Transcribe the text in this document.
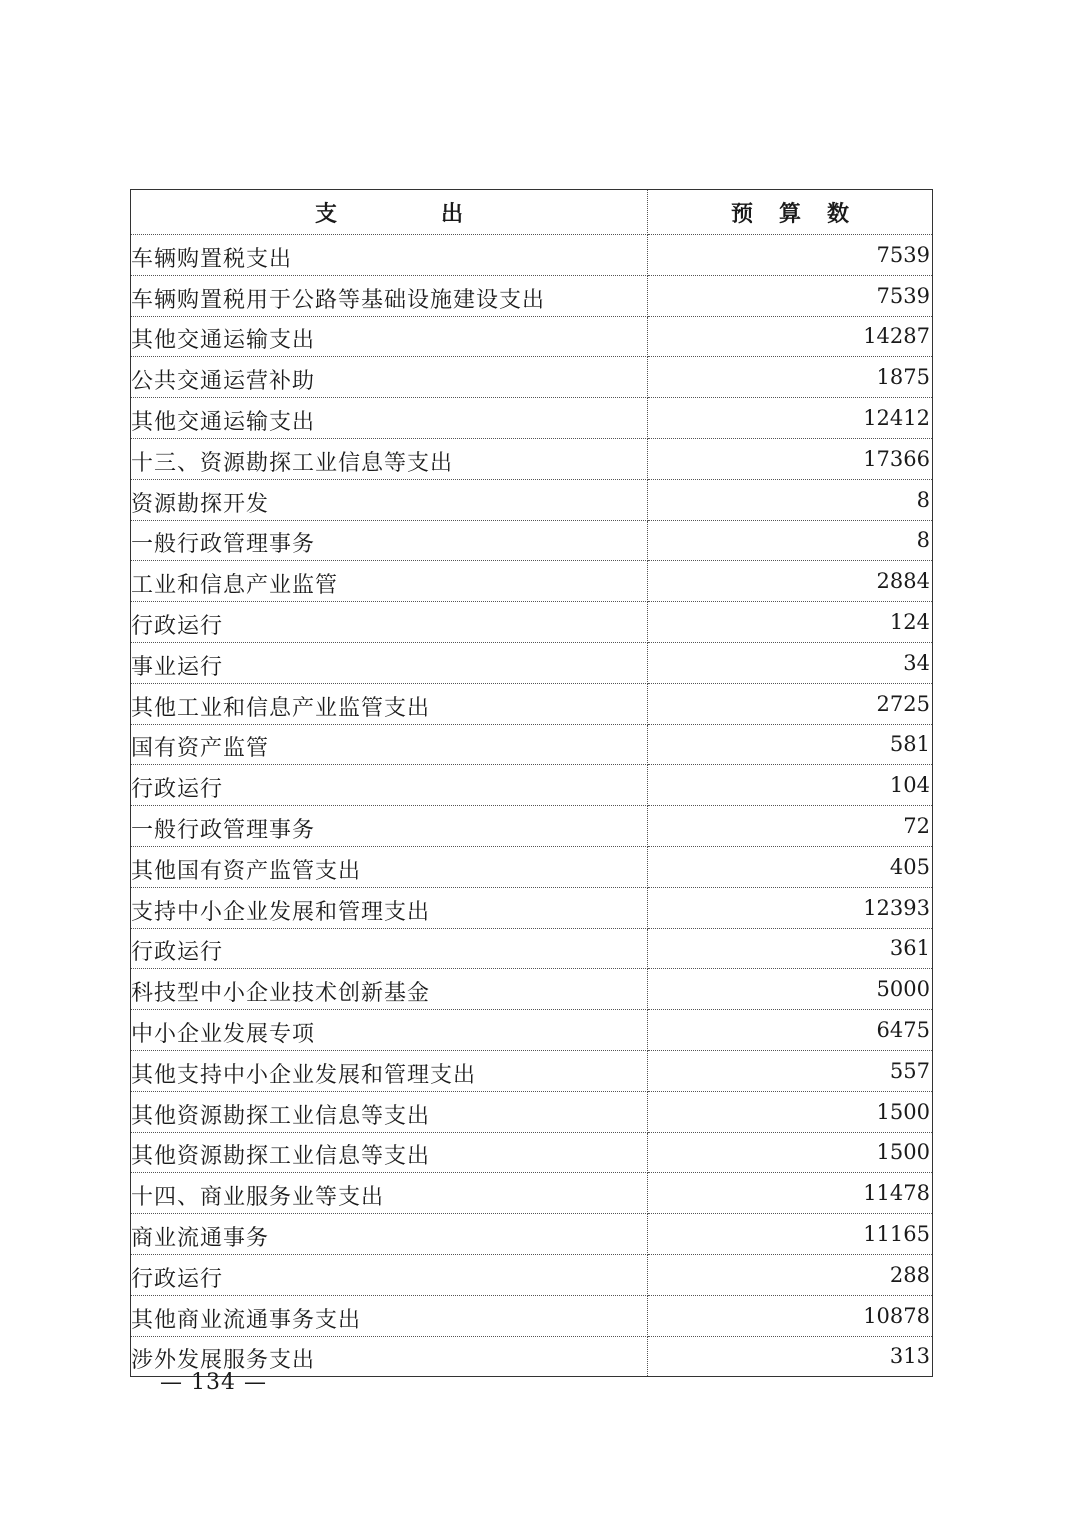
支出	预算数
车辆购置税支出	7539
车辆购置税用于公路等基础设施建设支出	7539
其他交通运输支出	14287
公共交通运营补助	1875
其他交通运输支出	12412
十三、资源勘探工业信息等支出	17366
资源勘探开发	8
一般行政管理事务	8
工业和信息产业监管	2884
行政运行	124
事业运行	34
其他工业和信息产业监管支出	2725
国有资产监管	581
行政运行	104
一般行政管理事务	72
其他国有资产监管支出	405
支持中小企业发展和管理支出	12393
行政运行	361
科技型中小企业技术创新基金	5000
中小企业发展专项	6475
其他支持中小企业发展和管理支出	557
其他资源勘探工业信息等支出	1500
其他资源勘探工业信息等支出	1500
十四、商业服务业等支出	11478
商业流通事务	11165
行政运行	288
其他商业流通事务支出	10878
涉外发展服务支出	313
— 134 —
